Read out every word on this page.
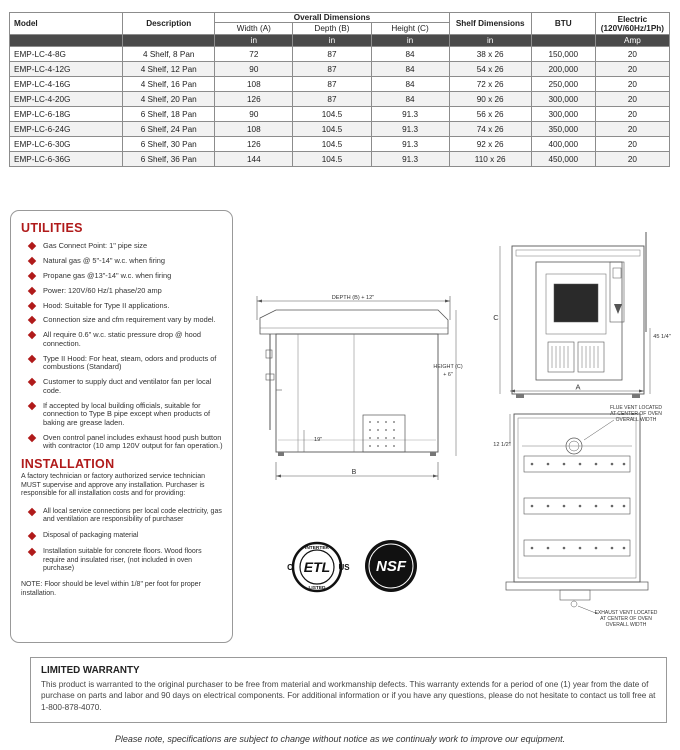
Model	Description	Overall Dimensions			Shelf Dimensions	BTU	Electric (120V/60Hz/1Ph)
		Width (A)	Depth (B)	Height (C)			
		in	in	in	in		Amp
EMP-LC-4-8G	4 Shelf, 8 Pan	72	87	84	38 x 26	150,000	20
EMP-LC-4-12G	4 Shelf, 12 Pan	90	87	84	54 x 26	200,000	20
EMP-LC-4-16G	4 Shelf, 16 Pan	108	87	84	72 x 26	250,000	20
EMP-LC-4-20G	4 Shelf, 20 Pan	126	87	84	90 x 26	300,000	20
EMP-LC-6-18G	6 Shelf, 18 Pan	90	104.5	91.3	56 x 26	300,000	20
EMP-LC-6-24G	6 Shelf, 24 Pan	108	104.5	91.3	74 x 26	350,000	20
EMP-LC-6-30G	6 Shelf, 30 Pan	126	104.5	91.3	92 x 26	400,000	20
EMP-LC-6-36G	6 Shelf, 36 Pan	144	104.5	91.3	110 x 26	450,000	20
UTILITIES
Gas Connect Point: 1" pipe size
Natural gas @ 5"-14" w.c. when firing
Propane gas @13"-14" w.c. when firing
Power: 120V/60 Hz/1 phase/20 amp
Hood: Suitable for Type II applications.
Connection size and cfm requirement vary by model.
All require 0.6" w.c. static pressure drop @ hood connection.
Type II Hood: For heat, steam, odors and products of combustions (Standard)
Customer to supply duct and ventilator fan per local code.
If accepted by local building officials, suitable for connection to Type B pipe except when products of baking are grease laden.
Oven control panel includes exhaust hood push button with contractor (10 amp 120V output for fan operation.)
INSTALLATION
A factory technician or factory authorized service technician MUST supervise and approve any installation. Purchaser is responsible for all installation costs and for providing:
All local service connections per local code electricity, gas and ventilation are responsibility of purchaser
Disposal of packaging material
Installation suitable for concrete floors. Wood floors require and insulated riser, (not included in oven purchase)
NOTE: Floor should be level within 1/8" per foot for proper installation.
DEPTH (B) + 12"
19"
B
HEIGHT (C)
+ 6"
C
45 1/4"
A
FLUE VENT LOCATED
AT CENTER OF OVEN
OVERALL WIDTH
12 1/2"
EXHAUST VENT LOCATED
AT CENTER OF OVEN
OVERALL WIDTH
INTERTEK
ETL
C	US
LISTED
NSF
LIMITED WARRANTY
This product is warranted to the original purchaser to be free from material and workmanship defects. This warranty extends for a period of one (1) year from the date of purchase on parts and labor and 90 days on electrical components. For additional information or if you have any questions, please do not hesitate to contact us toll free at 1-800-878-4070.
Please note, specifications are subject to change without notice as we continualy work to improve our equipment.
